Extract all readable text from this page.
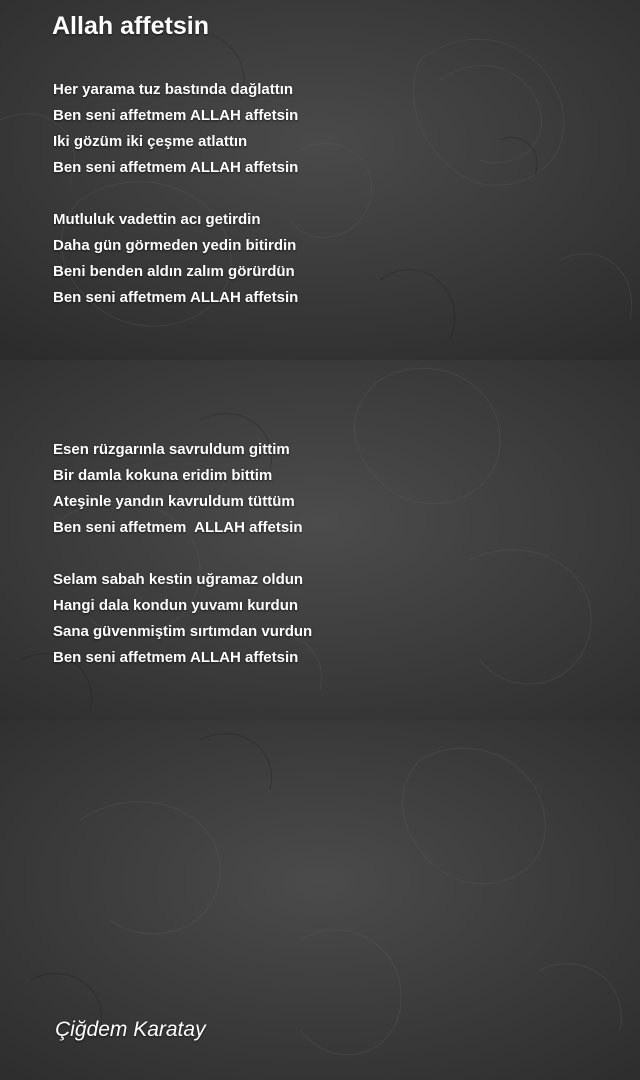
Allah affetsin
Her yarama tuz bastında dağlattın
Ben seni affetmem ALLAH affetsin
Iki gözüm iki çeşme atlattın
Ben seni affetmem ALLAH affetsin
Mutluluk vadettin acı getirdin
Daha gün görmeden yedin bitirdin
Beni benden aldın zalım görürdün
Ben seni affetmem ALLAH affetsin
Esen rüzgarınla savruldum gittim
Bir damla kokuna eridim bittim
Ateşinle yandın kavruldum tüttüm
Ben seni affetmem  ALLAH affetsin
Selam sabah kestin uğramaz oldun
Hangi dala kondun yuvamı kurdun
Sana güvenmiştim sırtımdan vurdun
Ben seni affetmem ALLAH affetsin
Çiğdem Karatay
